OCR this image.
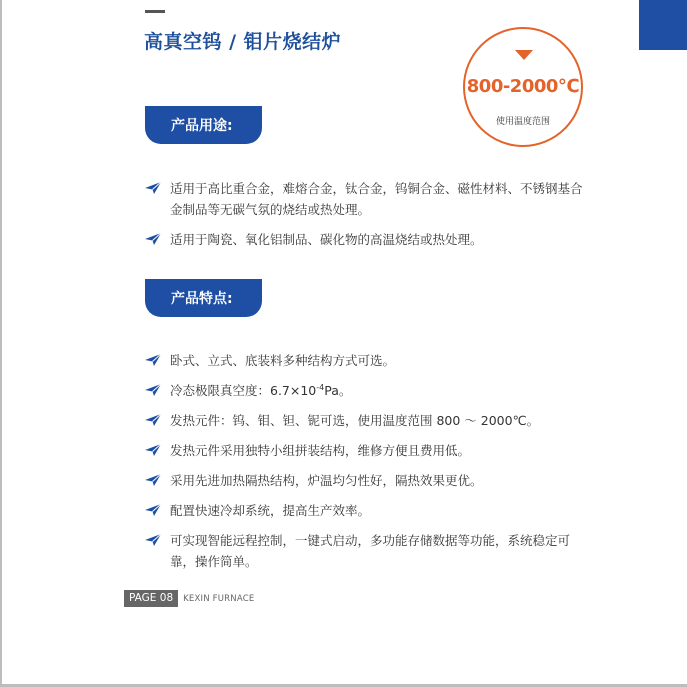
高真空钨 / 钼片烧结炉
800-2000℃
使用温度范围
产品用途:
适用于高比重合金，难熔合金，钛合金，钨铜合金、磁性材料、不锈钢基合金制品等无碳气氛的烧结或热处理。
适用于陶瓷、氧化铝制品、碳化物的高温烧结或热处理。
产品特点:
卧式、立式、底装料多种结构方式可选。
冷态极限真空度：$6.7\times 10^{-4}Pa$。
发热元件：钨、钼、钽、铌可选，使用温度范围 800 ～ 2000℃。
发热元件采用独特小组拼装结构，维修方便且费用低。
采用先进加热隔热结构，炉温均匀性好，隔热效果更优。
配置快速冷却系统，提高生产效率。
可实现智能远程控制，一键式启动，多功能存储数据等功能，系统稳定可靠，操作简单。
PAGE 08	KEXIN FURNACE
